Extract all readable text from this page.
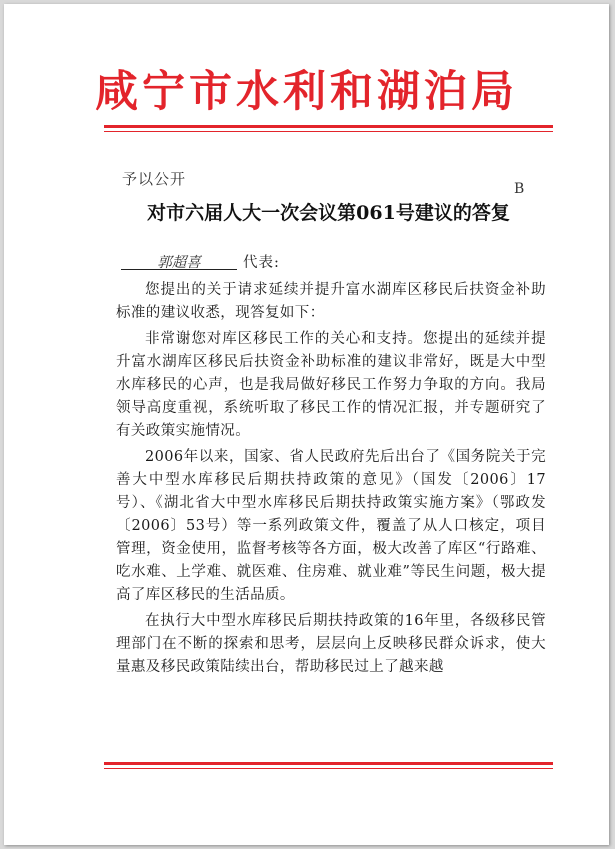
咸宁市水利和湖泊局
予以公开
B
对市六届人大一次会议第061号建议的答复
郭超喜	代表:

您提出的关于请求延续并提升富水湖库区移民后扶资金补助标准的建议收悉，现答复如下：

非常谢您对库区移民工作的关心和支持。您提出的延续并提升富水湖库区移民后扶资金补助标准的建议非常好，既是大中型水库移民的心声，也是我局做好移民工作努力争取的方向。我局领导高度重视，系统听取了移民工作的情况汇报，并专题研究了有关政策实施情况。

2006年以来，国家、省人民政府先后出台了《国务院关于完善大中型水库移民后期扶持政策的意见》（国发〔2006〕17号）、《湖北省大中型水库移民后期扶持政策实施方案》（鄂政发〔2006〕53号）等一系列政策文件，覆盖了从人口核定，项目管理，资金使用，监督考核等各方面，极大改善了库区“行路难、吃水难、上学难、就医难、住房难、就业难”等民生问题，极大提高了库区移民的生活品质。

在执行大中型水库移民后期扶持政策的16年里，各级移民管理部门在不断的探索和思考，层层向上反映移民群众诉求，使大量惠及移民政策陆续出台，帮助移民过上了越来越
